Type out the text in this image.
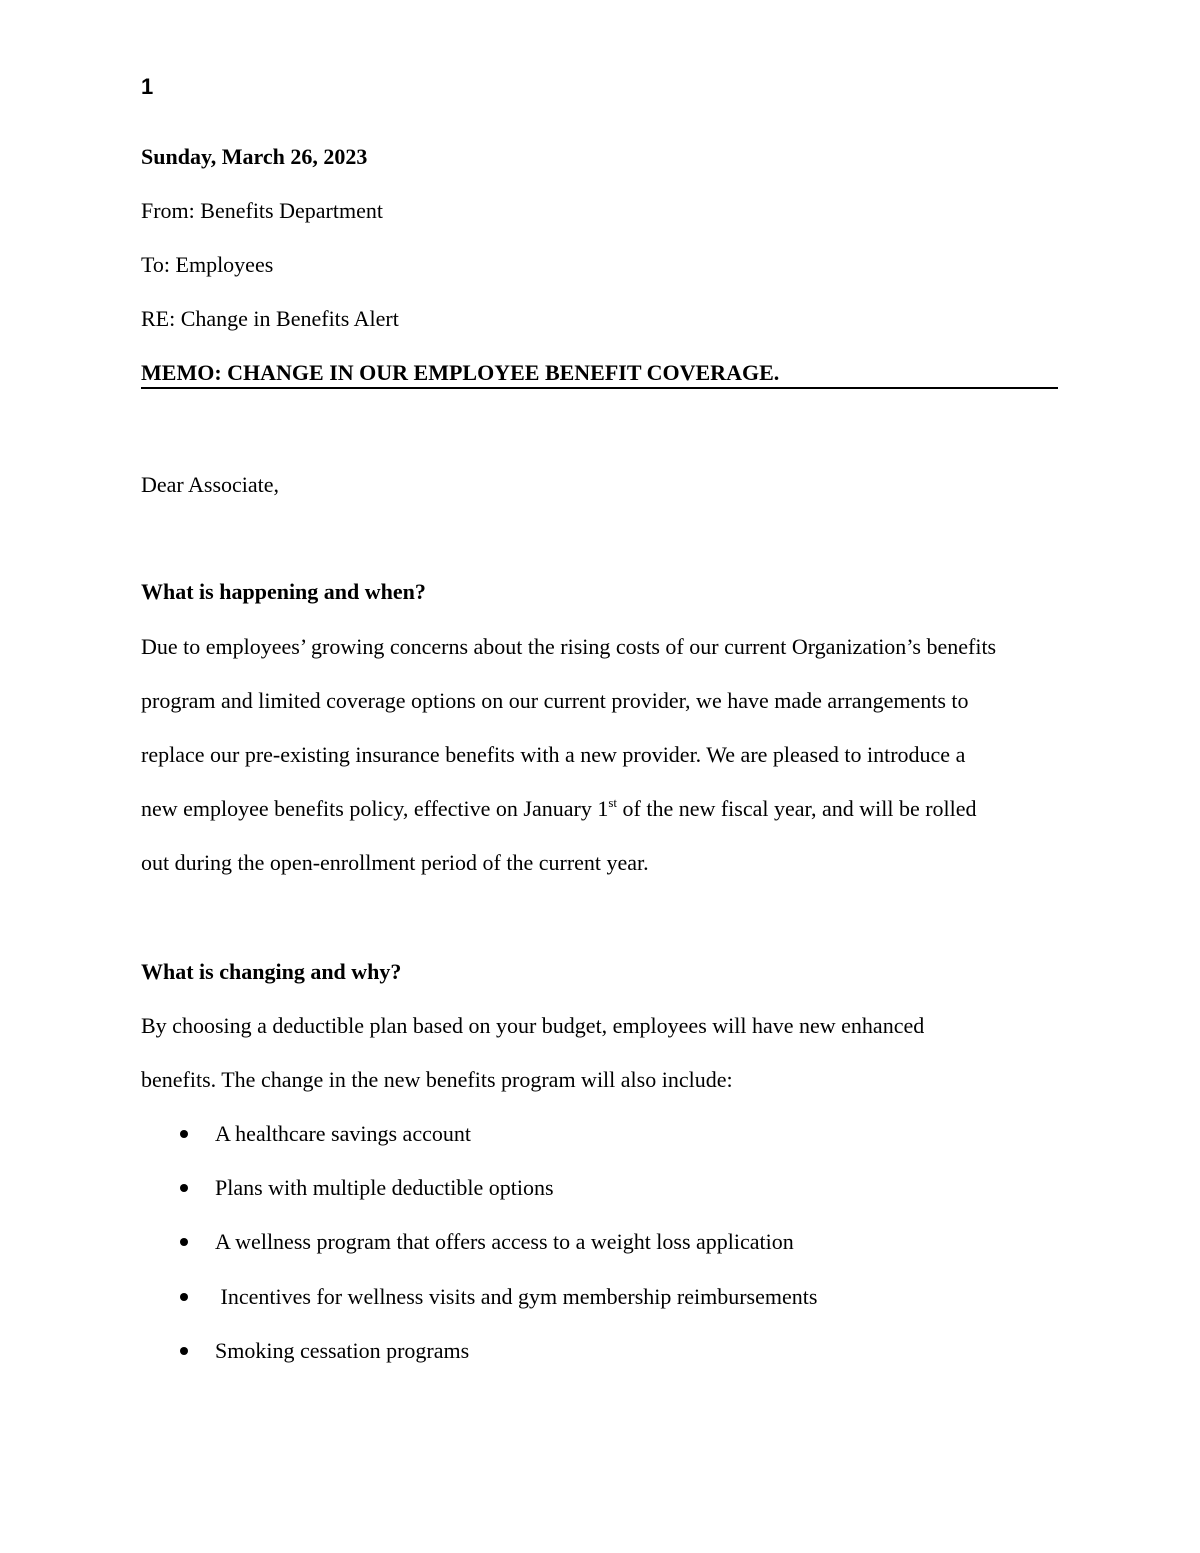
1
Sunday, March 26, 2023
From: Benefits Department
To: Employees
RE: Change in Benefits Alert
MEMO: CHANGE IN OUR EMPLOYEE BENEFIT COVERAGE.
Dear Associate,
What is happening and when?
Due to employees’ growing concerns about the rising costs of our current Organization’s benefits
program and limited coverage options on our current provider, we have made arrangements to
replace our pre-existing insurance benefits with a new provider. We are pleased to introduce a
new employee benefits policy, effective on January 1st of the new fiscal year, and will be rolled
out during the open-enrollment period of the current year.
What is changing and why?
By choosing a deductible plan based on your budget, employees will have new enhanced
benefits. The change in the new benefits program will also include:
A healthcare savings account
Plans with multiple deductible options
A wellness program that offers access to a weight loss application
Incentives for wellness visits and gym membership reimbursements
Smoking cessation programs
